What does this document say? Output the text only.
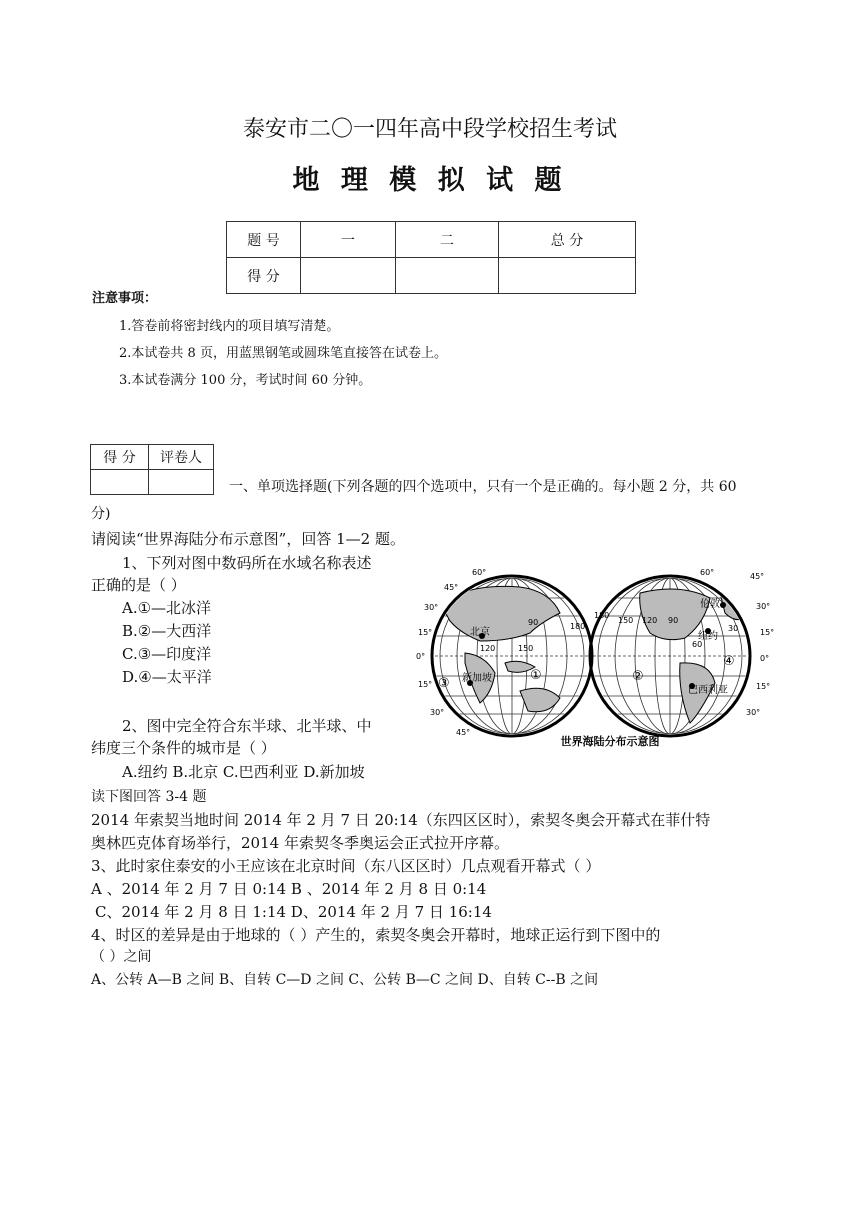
泰安市二〇一四年高中段学校招生考试
地 理 模 拟 试 题
题 号	一	二	总 分
得 分			
注意事项：
1.答卷前将密封线内的项目填写清楚。
2.本试卷共 8 页，用蓝黑钢笔或圆珠笔直接答在试卷上。
3.本试卷满分 100 分，考试时间 60 分钟。
得 分	评卷人

一、单项选择题(下列各题的四个选项中，只有一个是正确的。每小题 2 分，共 60
分)
请阅读“世界海陆分布示意图”，回答 1—2 题。
1、下列对图中数码所在水域名称表述
正确的是（ ）
A.①—北冰洋
B.②—大西洋
C.③—印度洋
D.④—太平洋
2、图中完全符合东半球、北半球、中
纬度三个条件的城市是（ ）
A.纽约 B.北京 C.巴西利亚 D.新加坡
北京
新加坡
伦敦
纽约
巴西利亚
①	②
③
④
60°
45°
30°
15°
0°
15°
30°
45°
90
120	150
180
60°	45°
30°
15°
0°
15°
30°
180
150 120 90
60
30
世界海陆分布示意图
读下图回答 3-4 题
2014 年索契当地时间 2014 年 2 月 7 日 20:14（东四区区时），索契冬奥会开幕式在菲什特
奥林匹克体育场举行，2014 年索契冬季奥运会正式拉开序幕。
3、此时家住泰安的小王应该在北京时间（东八区区时）几点观看开幕式（ ）
A 、2014 年 2 月 7 日 0:14 B 、2014 年 2 月 8 日 0:14
C、2014 年 2 月 8 日 1:14 D、2014 年 2 月 7 日 16:14
4、时区的差异是由于地球的（ ）产生的，索契冬奥会开幕时，地球正运行到下图中的
（ ）之间
A、公转 A—B 之间 B、自转 C—D 之间 C、公转 B—C 之间 D、自转 C--B 之间
